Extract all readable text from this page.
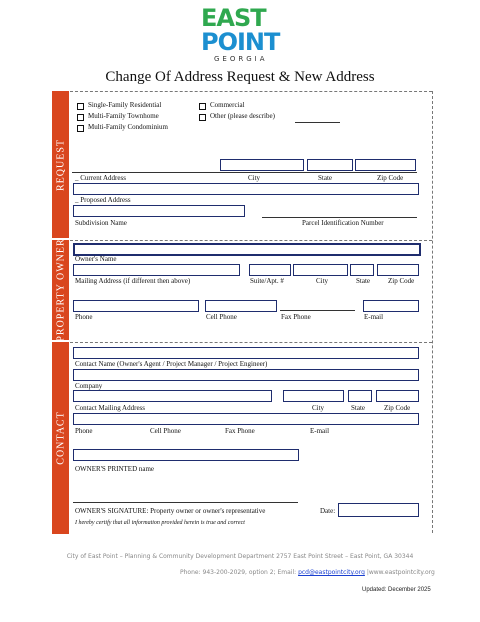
EAST
POINT
GEORGIA
Change Of Address Request & New Address
REQUEST
PROPERTY OWNER
CONTACT
Single-Family Residential
Multi-Family Townhome
Multi-Family Condominium
Commercial
Other (please describe)
_ Current Address	City	State	Zip Code
_ Proposed Address
Subdivision Name	Parcel Identification Number
Owner's Name
Mailing Address (if different then above)	Suite/Apt. #	City	State	Zip Code
Phone	Cell Phone	Fax Phone	E-mail
Contact Name (Owner's Agent / Project Manager / Project Engineer)
Company
Contact Mailing Address	City	State	Zip Code
Phone	Cell Phone	Fax Phone	E-mail
OWNER'S PRINTED name
OWNER'S SIGNATURE: Property owner or owner's representative	Date:
I hereby certify that all information provided herein is true and correct
City of East Point – Planning & Community Development Department 2757 East Point Street – East Point, GA 30344
Phone: 943-200-2029, option 2; Email: pcd@eastpointcity.org |www.eastpointcity.org
Updated: December 2025
